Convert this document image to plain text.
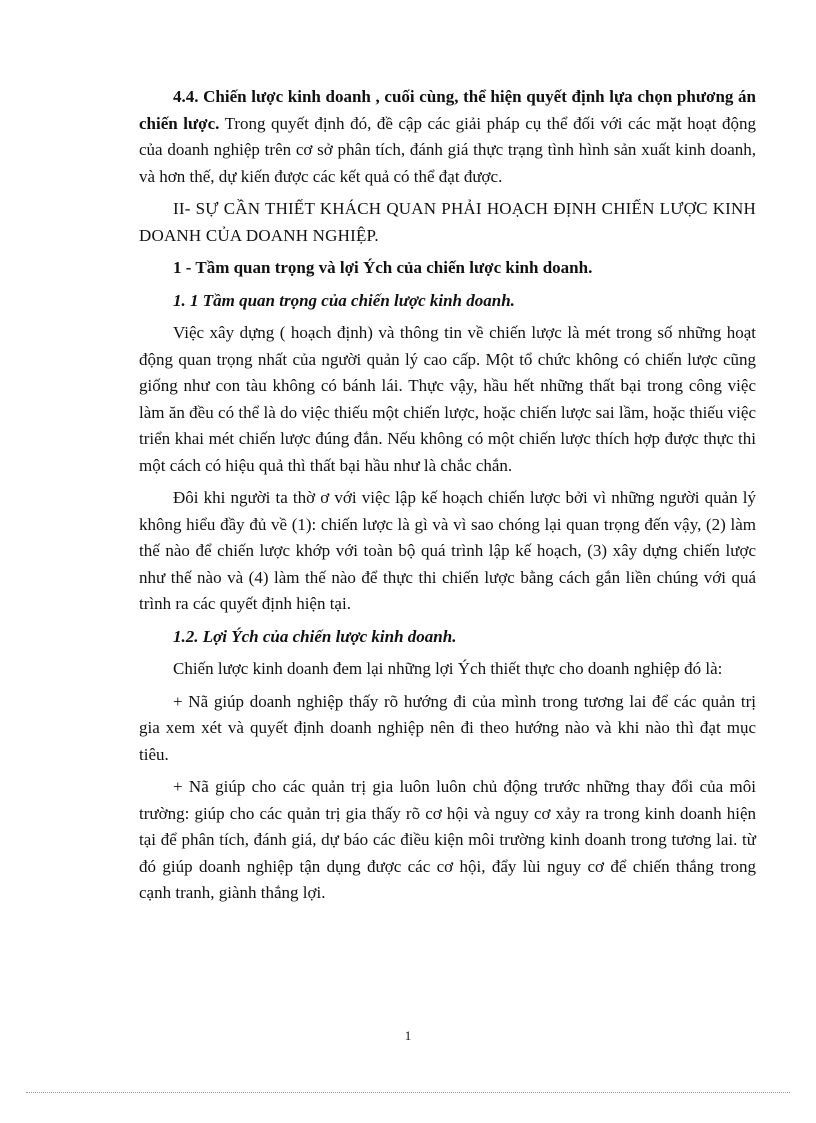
4.4. Chiến lược kinh doanh , cuối cùng, thể hiện quyết định lựa chọn phương án chiến lược. Trong quyết định đó, đề cập các giải pháp cụ thể đối với các mặt hoạt động của doanh nghiệp trên cơ sở phân tích, đánh giá thực trạng tình hình sản xuất kinh doanh, và hơn thế, dự kiến được các kết quả có thể đạt được.

II- SỰ CẦN THIẾT KHÁCH QUAN PHẢI HOẠCH ĐỊNH CHIẾN LƯỢC KINH DOANH CỦA DOANH NGHIỆP.

1 - Tầm quan trọng và lợi Ých của chiến lược kinh doanh.

1. 1 Tầm quan trọng của chiến lược kinh doanh.

Việc xây dựng ( hoạch định) và thông tin về chiến lược là mét trong số những hoạt động quan trọng nhất của người quản lý cao cấp. Một tổ chức không có chiến lược cũng giống như con tàu không có bánh lái. Thực vậy, hầu hết những thất bại trong công việc làm ăn đều có thể là do việc thiếu một chiến lược, hoặc chiến lược sai lầm, hoặc thiếu việc triển khai mét chiến lược đúng đắn. Nếu không có một chiến lược thích hợp được thực thi một cách có hiệu quả thì thất bại hầu như là chắc chắn.

Đôi khi người ta thờ ơ với việc lập kế hoạch chiến lược bởi vì những người quản lý không hiểu đầy đủ về (1): chiến lược là gì và vì sao chóng lại quan trọng đến vậy, (2) làm thế nào để chiến lược khớp với toàn bộ quá trình lập kế hoạch, (3) xây dựng chiến lược như thế nào và (4) làm thế nào để thực thi chiến lược bằng cách gắn liền chúng với quá trình ra các quyết định hiện tại.

1.2. Lợi Ých của chiến lược kinh doanh.

Chiến lược kinh doanh đem lại những lợi Ých thiết thực cho doanh nghiệp đó là:

+ Nã giúp doanh nghiệp thấy rõ hướng đi của mình trong tương lai để các quản trị gia xem xét và quyết định doanh nghiệp nên đi theo hướng nào và khi nào thì đạt mục tiêu.

+ Nã giúp cho các quản trị gia luôn luôn chủ động trước những thay đổi của môi trường: giúp cho các quản trị gia thấy rõ cơ hội và nguy cơ xảy ra trong kinh doanh hiện tại để phân tích, đánh giá, dự báo các điều kiện môi trường kinh doanh trong tương lai. từ đó giúp doanh nghiệp tận dụng được các cơ hội, đẩy lùi nguy cơ để chiến thắng trong cạnh tranh, giành thắng lợi.

1
